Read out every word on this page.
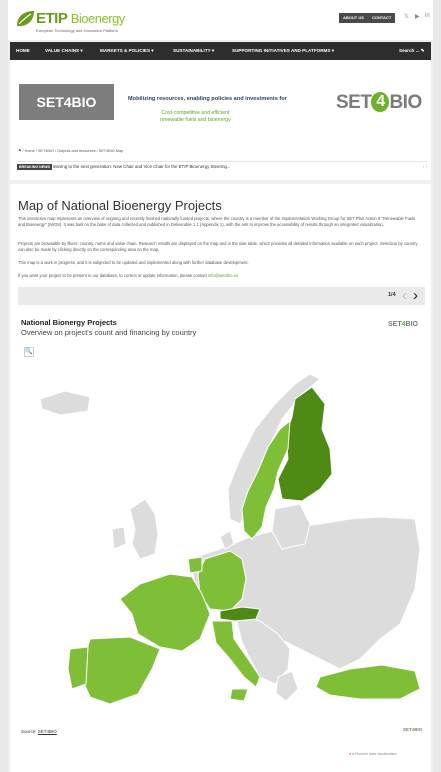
ETIP Bioenergy
European Technology and Innovation Platform
ABOUT US	CONTACT	𝕏 ▶ in
HOME	VALUE CHAINS ▾	MARKETS & POLICIES ▾	SUSTAINABILITY ▾	SUPPORTING INITIATIVES AND PLATFORMS ▾	Search ... ✎
SET4BIO	Mobilizing resources, enabling policies and investments for
Cost-competitive and efficient
renewable fuels and bioenergy
SET 4 BIO
⚑ / Home / SET4BIO / Outputs and resources / SET4BIO Map
BREAKING NEWS Moving to the next generation: New Chair and Vice Chair for the ETIP Bioenergy Steering...	‹ ›
Map of National Bioenergy Projects
This interactive map represents an overview of ongoing and recently finished nationally funded projects, where the country is a member of the Implementation Working Group for SET Plan Action 8 "Renewable Fuels and Bioenergy" (IWG8). It was built on the base of data collected and published in Deliverable 1.1 (Appendix 1), with the aim to improve the accessibility of results through an integrated visualization.
Projects are browsable by filters: country, name and value chain. Research results are displayed on the map and in the side table, which provides all detailed information available on each project. Selection by country can also be made by clicking directly on the corresponding area on the map.
This map is a work in progress, and it is subjected to be updated and implemented along with further database development.
If you want your project to be present in our database, to correct or update information, please contact info@set4bio.eu
1/4 ‹ ›
National Bionergy Projects
Overview on project's count and financing by country
SET4BIO
🔍
Source: SET4BIO	SET4BIO
● A Flourish data visualization
